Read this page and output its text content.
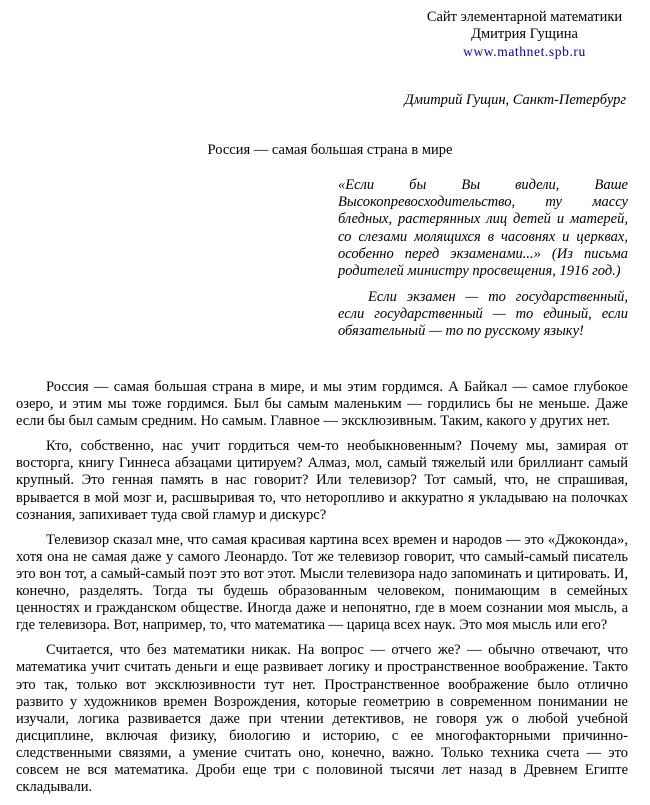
Сайт элементарной математики
Дмитрия Гущина
www.mathnet.spb.ru
Дмитрий Гущин, Санкт-Петербург
Россия — самая большая страна в мире

«Если бы Вы видели, Ваше Высокопревосходительство, ту массу бледных, растерянных лиц детей и матерей, со слезами молящихся в часовнях и церквах, особенно перед экзаменами...» (Из письма родителей министру просвещения, 1916 год.)

Если экзамен — то государственный, если государственный — то единый, если обязательный — то по русскому языку!

Россия — самая большая страна в мире, и мы этим гордимся. А Байкал — самое глубокое озеро, и этим мы тоже гордимся. Был бы самым маленьким — гордились бы не меньше. Даже если бы был самым средним. Но самым. Главное — эксклюзивным. Таким, какого у других нет.

Кто, собственно, нас учит гордиться чем-то необыкновенным? Почему мы, замирая от восторга, книгу Гиннеса абзацами цитируем? Алмаз, мол, самый тяжелый или бриллиант самый крупный. Это генная память в нас говорит? Или телевизор? Тот самый, что, не спрашивая, врывается в мой мозг и, расшвыривая то, что неторопливо и аккуратно я укладываю на полочках сознания, запихивает туда свой гламур и дискурс?

Телевизор сказал мне, что самая красивая картина всех времен и народов — это «Джоконда», хотя она не самая даже у самого Леонардо. Тот же телевизор говорит, что самый-самый писатель это вон тот, а самый-самый поэт это вот этот. Мысли телевизора надо запоминать и цитировать. И, конечно, разделять. Тогда ты будешь образованным человеком, понимающим в семейных ценностях и гражданском обществе. Иногда даже и непонятно, где в моем сознании моя мысль, а где телевизора. Вот, например, то, что математика — царица всех наук. Это моя мысль или его?

Считается, что без математики никак. На вопрос — отчего же? — обычно отвечают, что математика учит считать деньги и еще развивает логику и пространственное воображение. Такто это так, только вот эксклюзивности тут нет. Пространственное воображение было отлично развито у художников времен Возрождения, которые геометрию в современном понимании не изучали, логика развивается даже при чтении детективов, не говоря уж о любой учебной дисциплине, включая физику, биологию и историю, с ее многофакторными причинно-следственными связями, а умение считать оно, конечно, важно. Только техника счета — это совсем не вся математика. Дроби еще три с половиной тысячи лет назад в Древнем Египте складывали.
